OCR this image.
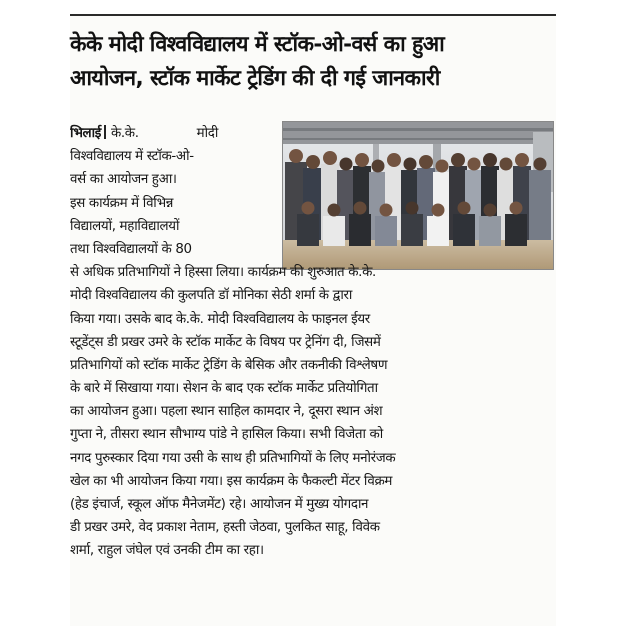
केके मोदी विश्वविद्यालय में स्टॉक-ओ-वर्स का हुआ
आयोजन, स्टॉक मार्केट ट्रेडिंग की दी गई जानकारी
भिलाई के.के.	मोदी
विश्वविद्यालय में स्टॉक-ओ-
वर्स का आयोजन हुआ।
इस कार्यक्रम में विभिन्न
विद्यालयों, महाविद्यालयों
तथा विश्वविद्यालयों के 80
से अधिक प्रतिभागियों ने हिस्सा लिया। कार्यक्रम की शुरुआत के.के.
मोदी विश्वविद्यालय की कुलपति डॉ मोनिका सेठी शर्मा के द्वारा
किया गया। उसके बाद के.के. मोदी विश्वविद्यालय के फाइनल ईयर
स्टूडेंट्स डी प्रखर उमरे के स्टॉक मार्केट के विषय पर ट्रेनिंग दी, जिसमें
प्रतिभागियों को स्टॉक मार्केट ट्रेडिंग के बेसिक और तकनीकी विश्लेषण
के बारे में सिखाया गया। सेशन के बाद एक स्टॉक मार्केट प्रतियोगिता
का आयोजन हुआ। पहला स्थान साहिल कामदार ने, दूसरा स्थान अंश
गुप्ता ने, तीसरा स्थान सौभाग्य पांडे ने हासिल किया। सभी विजेता को
नगद पुरुस्कार दिया गया उसी के साथ ही प्रतिभागियों के लिए मनोरंजक
खेल का भी आयोजन किया गया। इस कार्यक्रम के फैकल्टी मेंटर विक्रम
(हेड इंचार्ज, स्कूल ऑफ मैनेजमेंट) रहे। आयोजन में मुख्य योगदान
डी प्रखर उमरे, वेद प्रकाश नेताम, हस्ती जेठवा, पुलकित साहू, विवेक
शर्मा, राहुल जंघेल एवं उनकी टीम का रहा।
